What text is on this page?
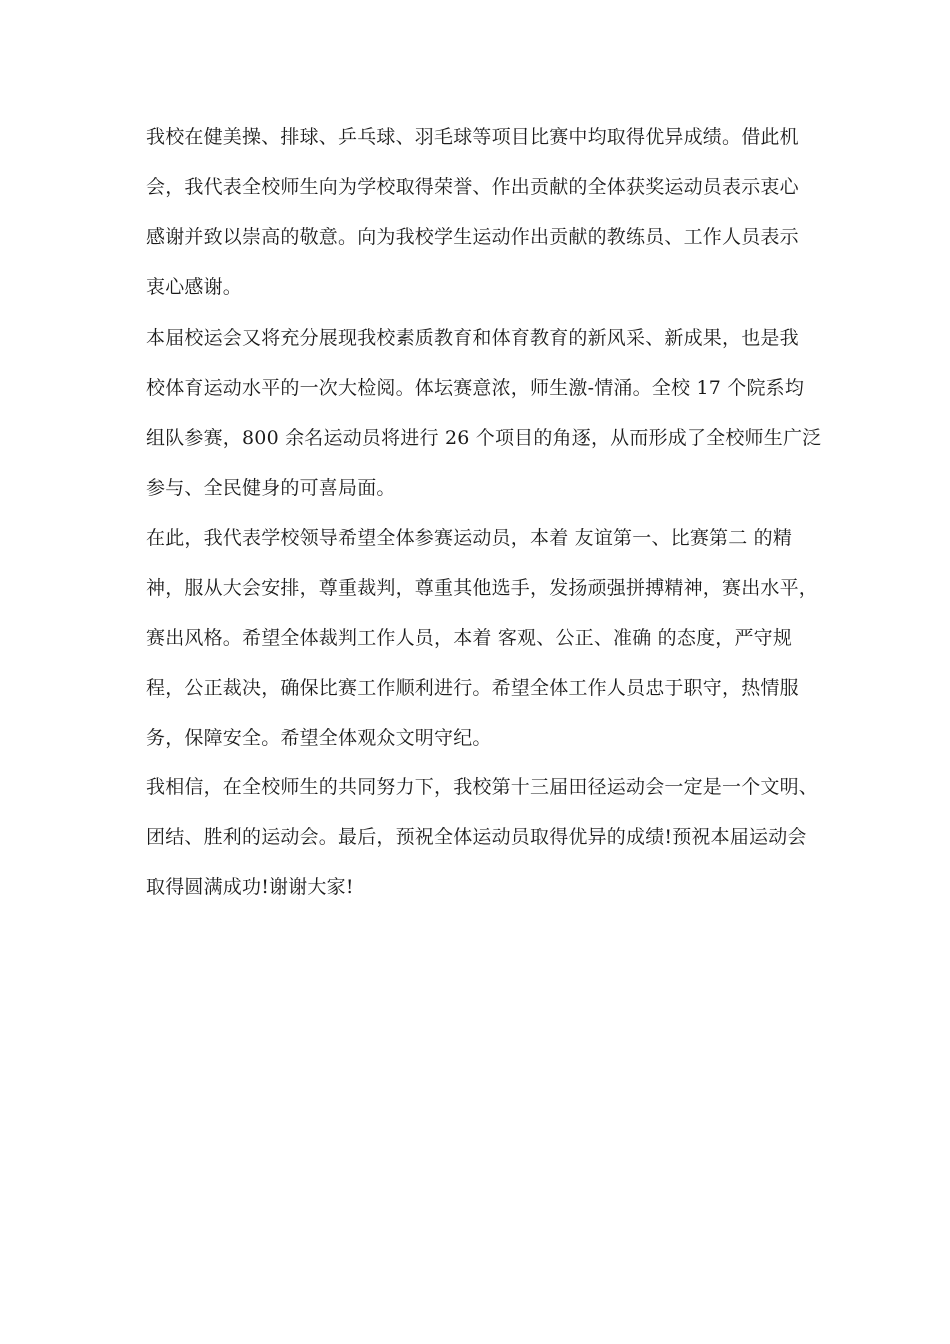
我校在健美操、排球、乒乓球、羽毛球等项目比赛中均取得优异成绩。借此机
会，我代表全校师生向为学校取得荣誉、作出贡献的全体获奖运动员表示衷心
感谢并致以崇高的敬意。向为我校学生运动作出贡献的教练员、工作人员表示
衷心感谢。
本届校运会又将充分展现我校素质教育和体育教育的新风采、新成果，也是我
校体育运动水平的一次大检阅。体坛赛意浓，师生激-情涌。全校 17 个院系均
组队参赛，800 余名运动员将进行 26 个项目的角逐，从而形成了全校师生广泛
参与、全民健身的可喜局面。
在此，我代表学校领导希望全体参赛运动员，本着 友谊第一、比赛第二 的精
神，服从大会安排，尊重裁判，尊重其他选手，发扬顽强拼搏精神，赛出水平，
赛出风格。希望全体裁判工作人员，本着 客观、公正、准确 的态度，严守规
程，公正裁决，确保比赛工作顺利进行。希望全体工作人员忠于职守，热情服
务，保障安全。希望全体观众文明守纪。
我相信，在全校师生的共同努力下，我校第十三届田径运动会一定是一个文明、
团结、胜利的运动会。最后，预祝全体运动员取得优异的成绩!预祝本届运动会
取得圆满成功!谢谢大家!
